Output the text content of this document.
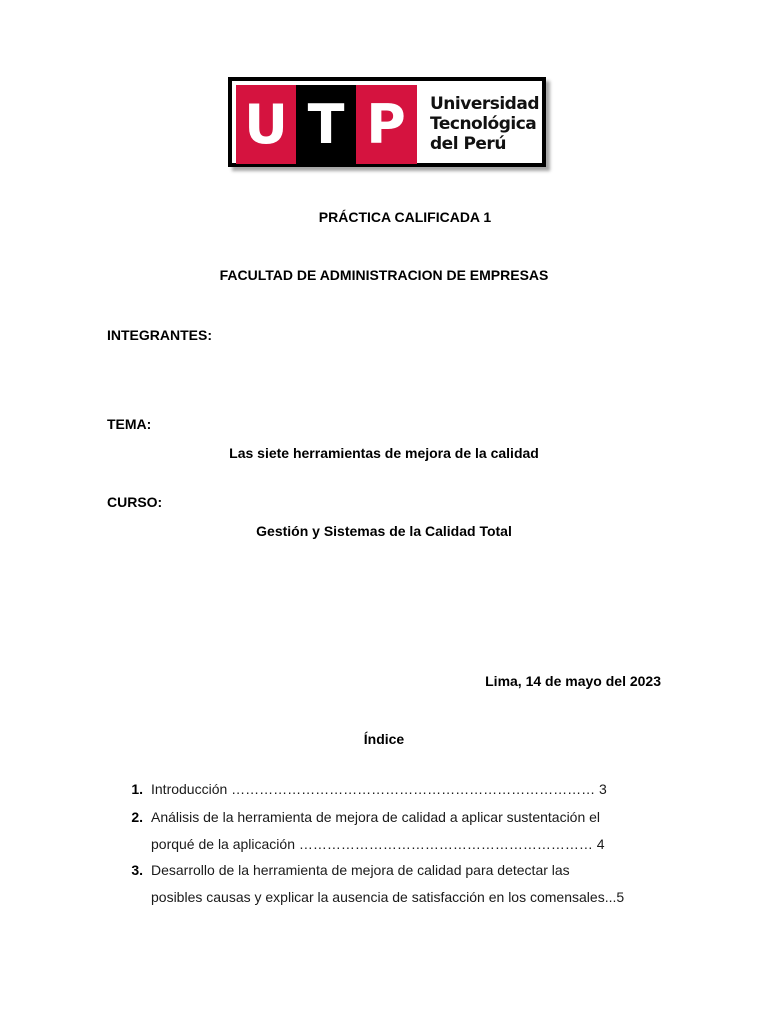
U T P	Universidad
Tecnológica
del Perú
PRÁCTICA CALIFICADA 1
FACULTAD DE ADMINISTRACION DE EMPRESAS
INTEGRANTES:
TEMA:
Las siete herramientas de mejora de la calidad
CURSO:
Gestión y Sistemas de la Calidad Total
Lima, 14 de mayo del 2023
Índice
1. Introducción …………………………………………………………………… 3
2. Análisis de la herramienta de mejora de calidad a aplicar sustentación el
porqué de la aplicación ……………………………………………………… 4
3. Desarrollo de la herramienta de mejora de calidad para detectar las
posibles causas y explicar la ausencia de satisfacción en los comensales...5
